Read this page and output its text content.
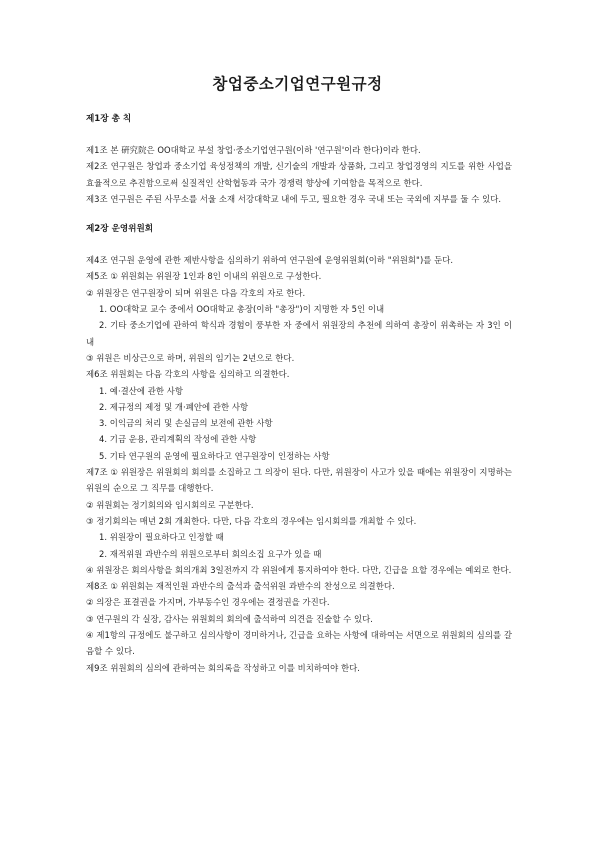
창업중소기업연구원규정

제1장 총 칙

제1조 본 硏究院은 OO대학교 부설 창업·중소기업연구원(이하 '연구원'이라 한다)이라 한다.

제2조 연구원은 창업과 중소기업 육성정책의 개발, 신기술의 개발과 상품화, 그리고 창업경영의 지도를 위한 사업을 효율적으로 추진함으로써 실질적인 산학협동과 국가 경쟁력 향상에 기여함을 목적으로 한다.

제3조 연구원은 주된 사무소를 서울 소재 서강대학교 내에 두고, 필요한 경우 국내 또는 국외에 지부를 둘 수 있다.

제2장 운영위원회

제4조 연구원 운영에 관한 제반사항을 심의하기 위하여 연구원에 운영위원회(이하 "위원회")를 둔다.

제5조 ① 위원회는 위원장 1인과 8인 이내의 위원으로 구성한다.

② 위원장은 연구원장이 되며 위원은 다음 각호의 자로 한다.

1. OO대학교 교수 중에서 OO대학교 총장(이하 "총장")이 지명한 자 5인 이내

2. 기타 중소기업에 관하여 학식과 경험이 풍부한 자 중에서 위원장의 추천에 의하여 총장이 위촉하는 자 3인 이내

③ 위원은 비상근으로 하며, 위원의 임기는 2년으로 한다.

제6조 위원회는 다음 각호의 사항을 심의하고 의결한다.

1. 예·결산에 관한 사항

2. 제규정의 제정 및 개·폐안에 관한 사항

3. 이익금의 처리 및 손실금의 보전에 관한 사항

4. 기금 운용, 관리계획의 작성에 관한 사항

5. 기타 연구원의 운영에 필요하다고 연구원장이 인정하는 사항

제7조 ① 위원장은 위원회의 회의를 소집하고 그 의장이 된다. 다만, 위원장이 사고가 있을 때에는 위원장이 지명하는 위원의 순으로 그 직무를 대행한다.

② 위원회는 정기회의와 임시회의로 구분한다.

③ 정기회의는 매년 2회 개최한다. 다만, 다음 각호의 경우에는 임시회의를 개최할 수 있다.

1. 위원장이 필요하다고 인정할 때

2. 재적위원 과반수의 위원으로부터 회의소집 요구가 있을 때

④ 위원장은 회의사항을 회의개최 3일전까지 각 위원에게 통지하여야 한다. 다만, 긴급을 요할 경우에는 예외로 한다.

제8조 ① 위원회는 재적인원 과반수의 출석과 출석위원 과반수의 찬성으로 의결한다.

② 의장은 표결권을 가지며, 가부동수인 경우에는 결정권을 가진다.

③ 연구원의 각 실장, 감사는 위원회의 회의에 출석하여 의견을 진술할 수 있다.

④ 제1항의 규정에도 불구하고 심의사항이 경미하거나, 긴급을 요하는 사항에 대하여는 서면으로 위원회의 심의를 갈음할 수 있다.

제9조 위원회의 심의에 관하여는 회의록을 작성하고 이를 비치하여야 한다.
